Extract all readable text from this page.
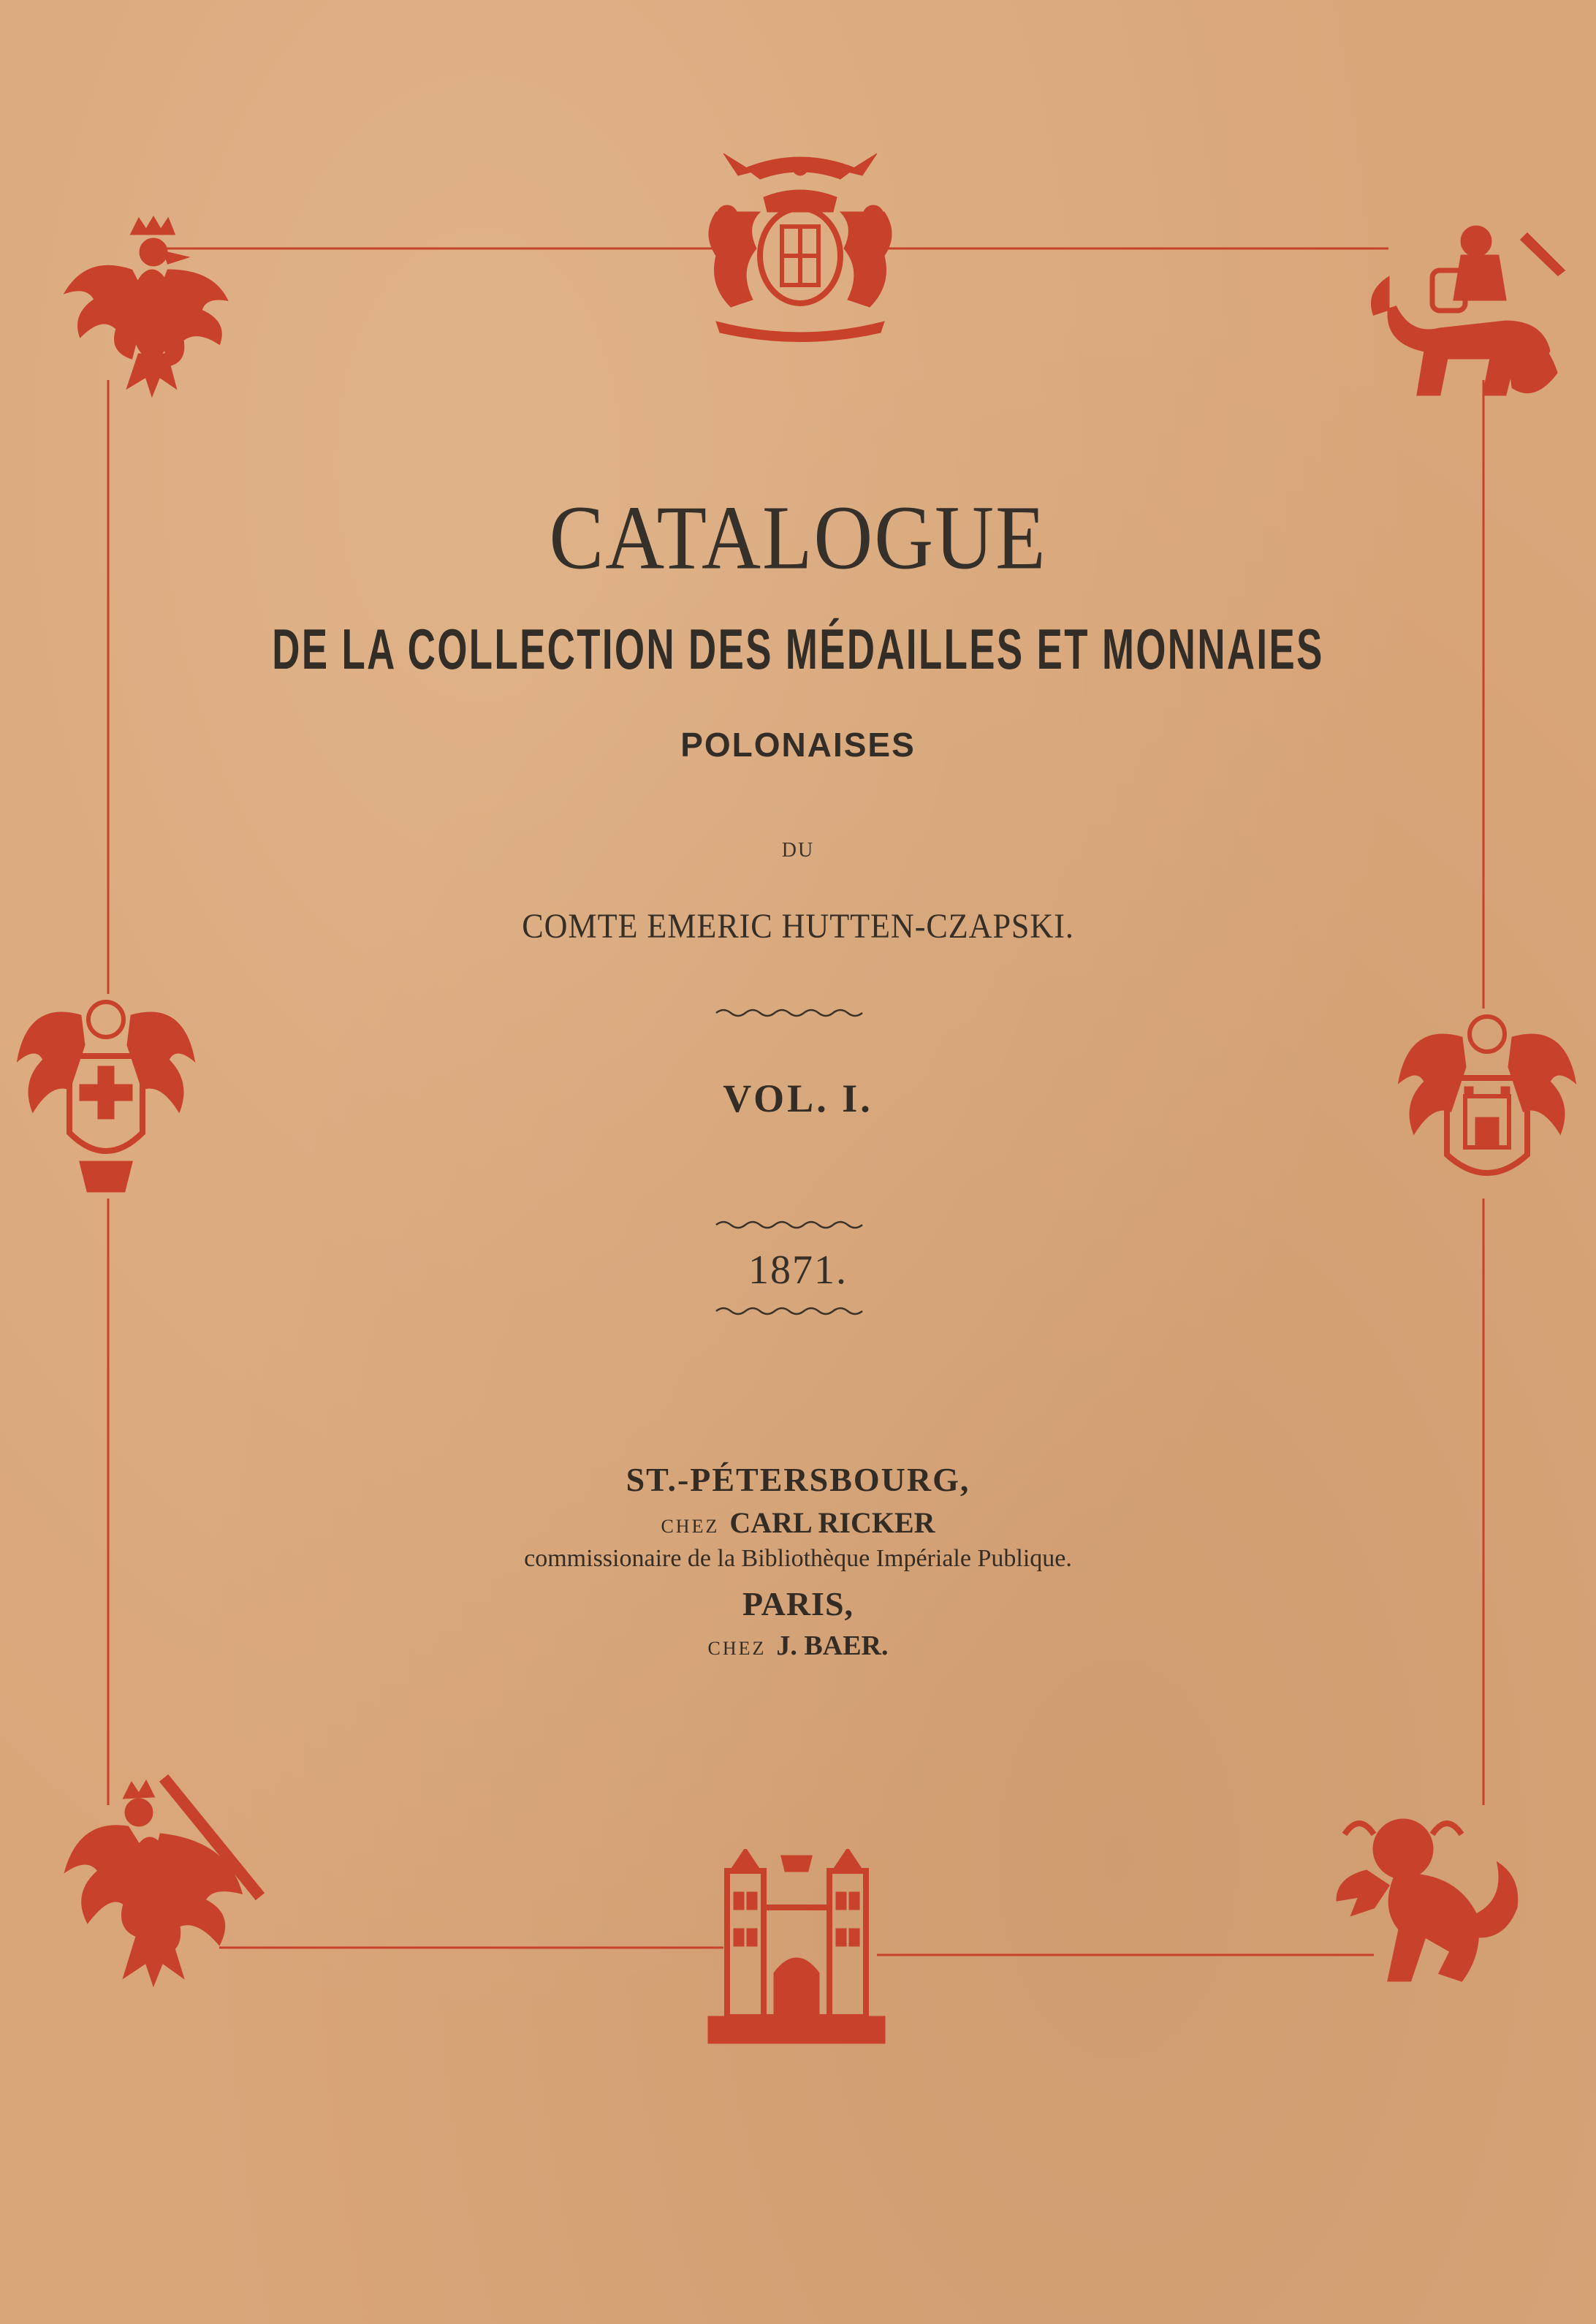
CATALOGUE
DE LA COLLECTION DES MÉDAILLES ET MONNAIES
POLONAISES
DU
COMTE EMERIC HUTTEN-CZAPSKI.
VOL. I.
1871.
ST.-PÉTERSBOURG,
CHEZ CARL RICKER
commissionaire de la Bibliothèque Impériale Publique.
PARIS,
CHEZ J. BAER.
